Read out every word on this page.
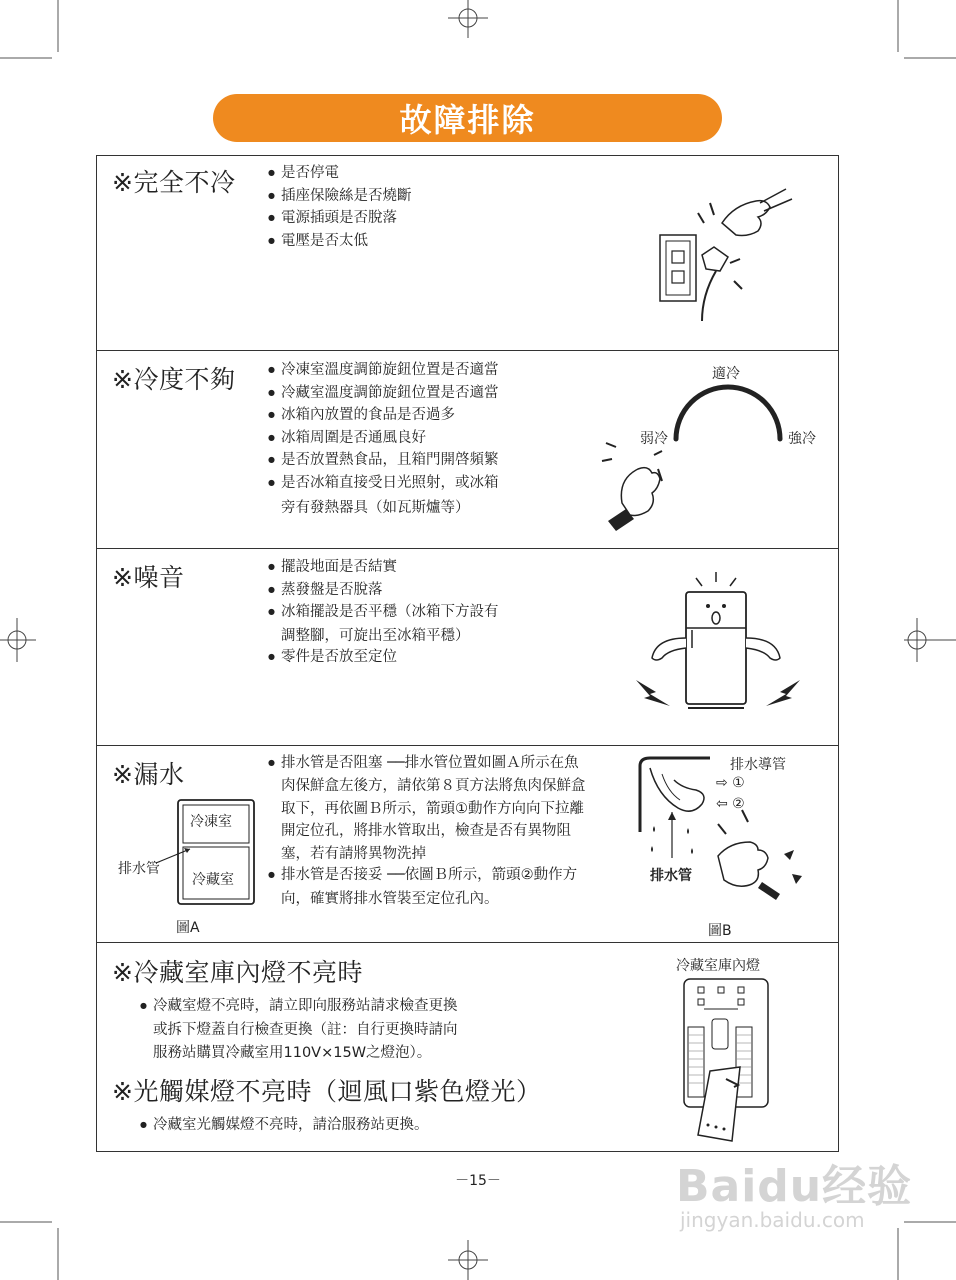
故障排除
※完全不冷	● 是否停電
● 插座保險絲是否燒斷
● 電源插頭是否脫落
● 電壓是否太低
※冷度不夠	● 冷凍室溫度調節旋鈕位置是否適當
● 冷藏室溫度調節旋鈕位置是否適當
● 冰箱內放置的食品是否過多
● 冰箱周圍是否通風良好
● 是否放置熱食品，且箱門開啓頻繁
● 是否冰箱直接受日光照射，或冰箱
旁有發熱器具（如瓦斯爐等）
適冷
弱冷	強冷
※噪音	● 擺設地面是否結實
● 蒸發盤是否脫落
● 冰箱擺設是否平穩（冰箱下方設有
調整腳，可旋出至冰箱平穩）
● 零件是否放至定位
※漏水	● 排水管是否阻塞 ──排水管位置如圖Ａ所示在魚
肉保鮮盒左後方，請依第８頁方法將魚肉保鮮盒
取下，再依圖Ｂ所示，箭頭①動作方向向下拉離
開定位孔，將排水管取出，檢查是否有異物阻
塞，若有請將異物洗掉
● 排水管是否接妥 ──依圖Ｂ所示，箭頭②動作方
向，確實將排水管裝至定位孔內。
冷凍室
冷藏室
排水管
圖A
排水導管
⇨ ①
⇦ ②
排水管
圖B
※冷藏室庫內燈不亮時
● 冷藏室燈不亮時，請立即向服務站請求檢查更換
或拆下燈蓋自行檢查更換（註：自行更換時請向
服務站購買冷藏室用110V×15W之燈泡）。
冷藏室庫內燈
※光觸媒燈不亮時（迴風口紫色燈光）
● 冷藏室光觸媒燈不亮時，請洽服務站更換。
－15－	Baidu经验
jingyan.baidu.com
